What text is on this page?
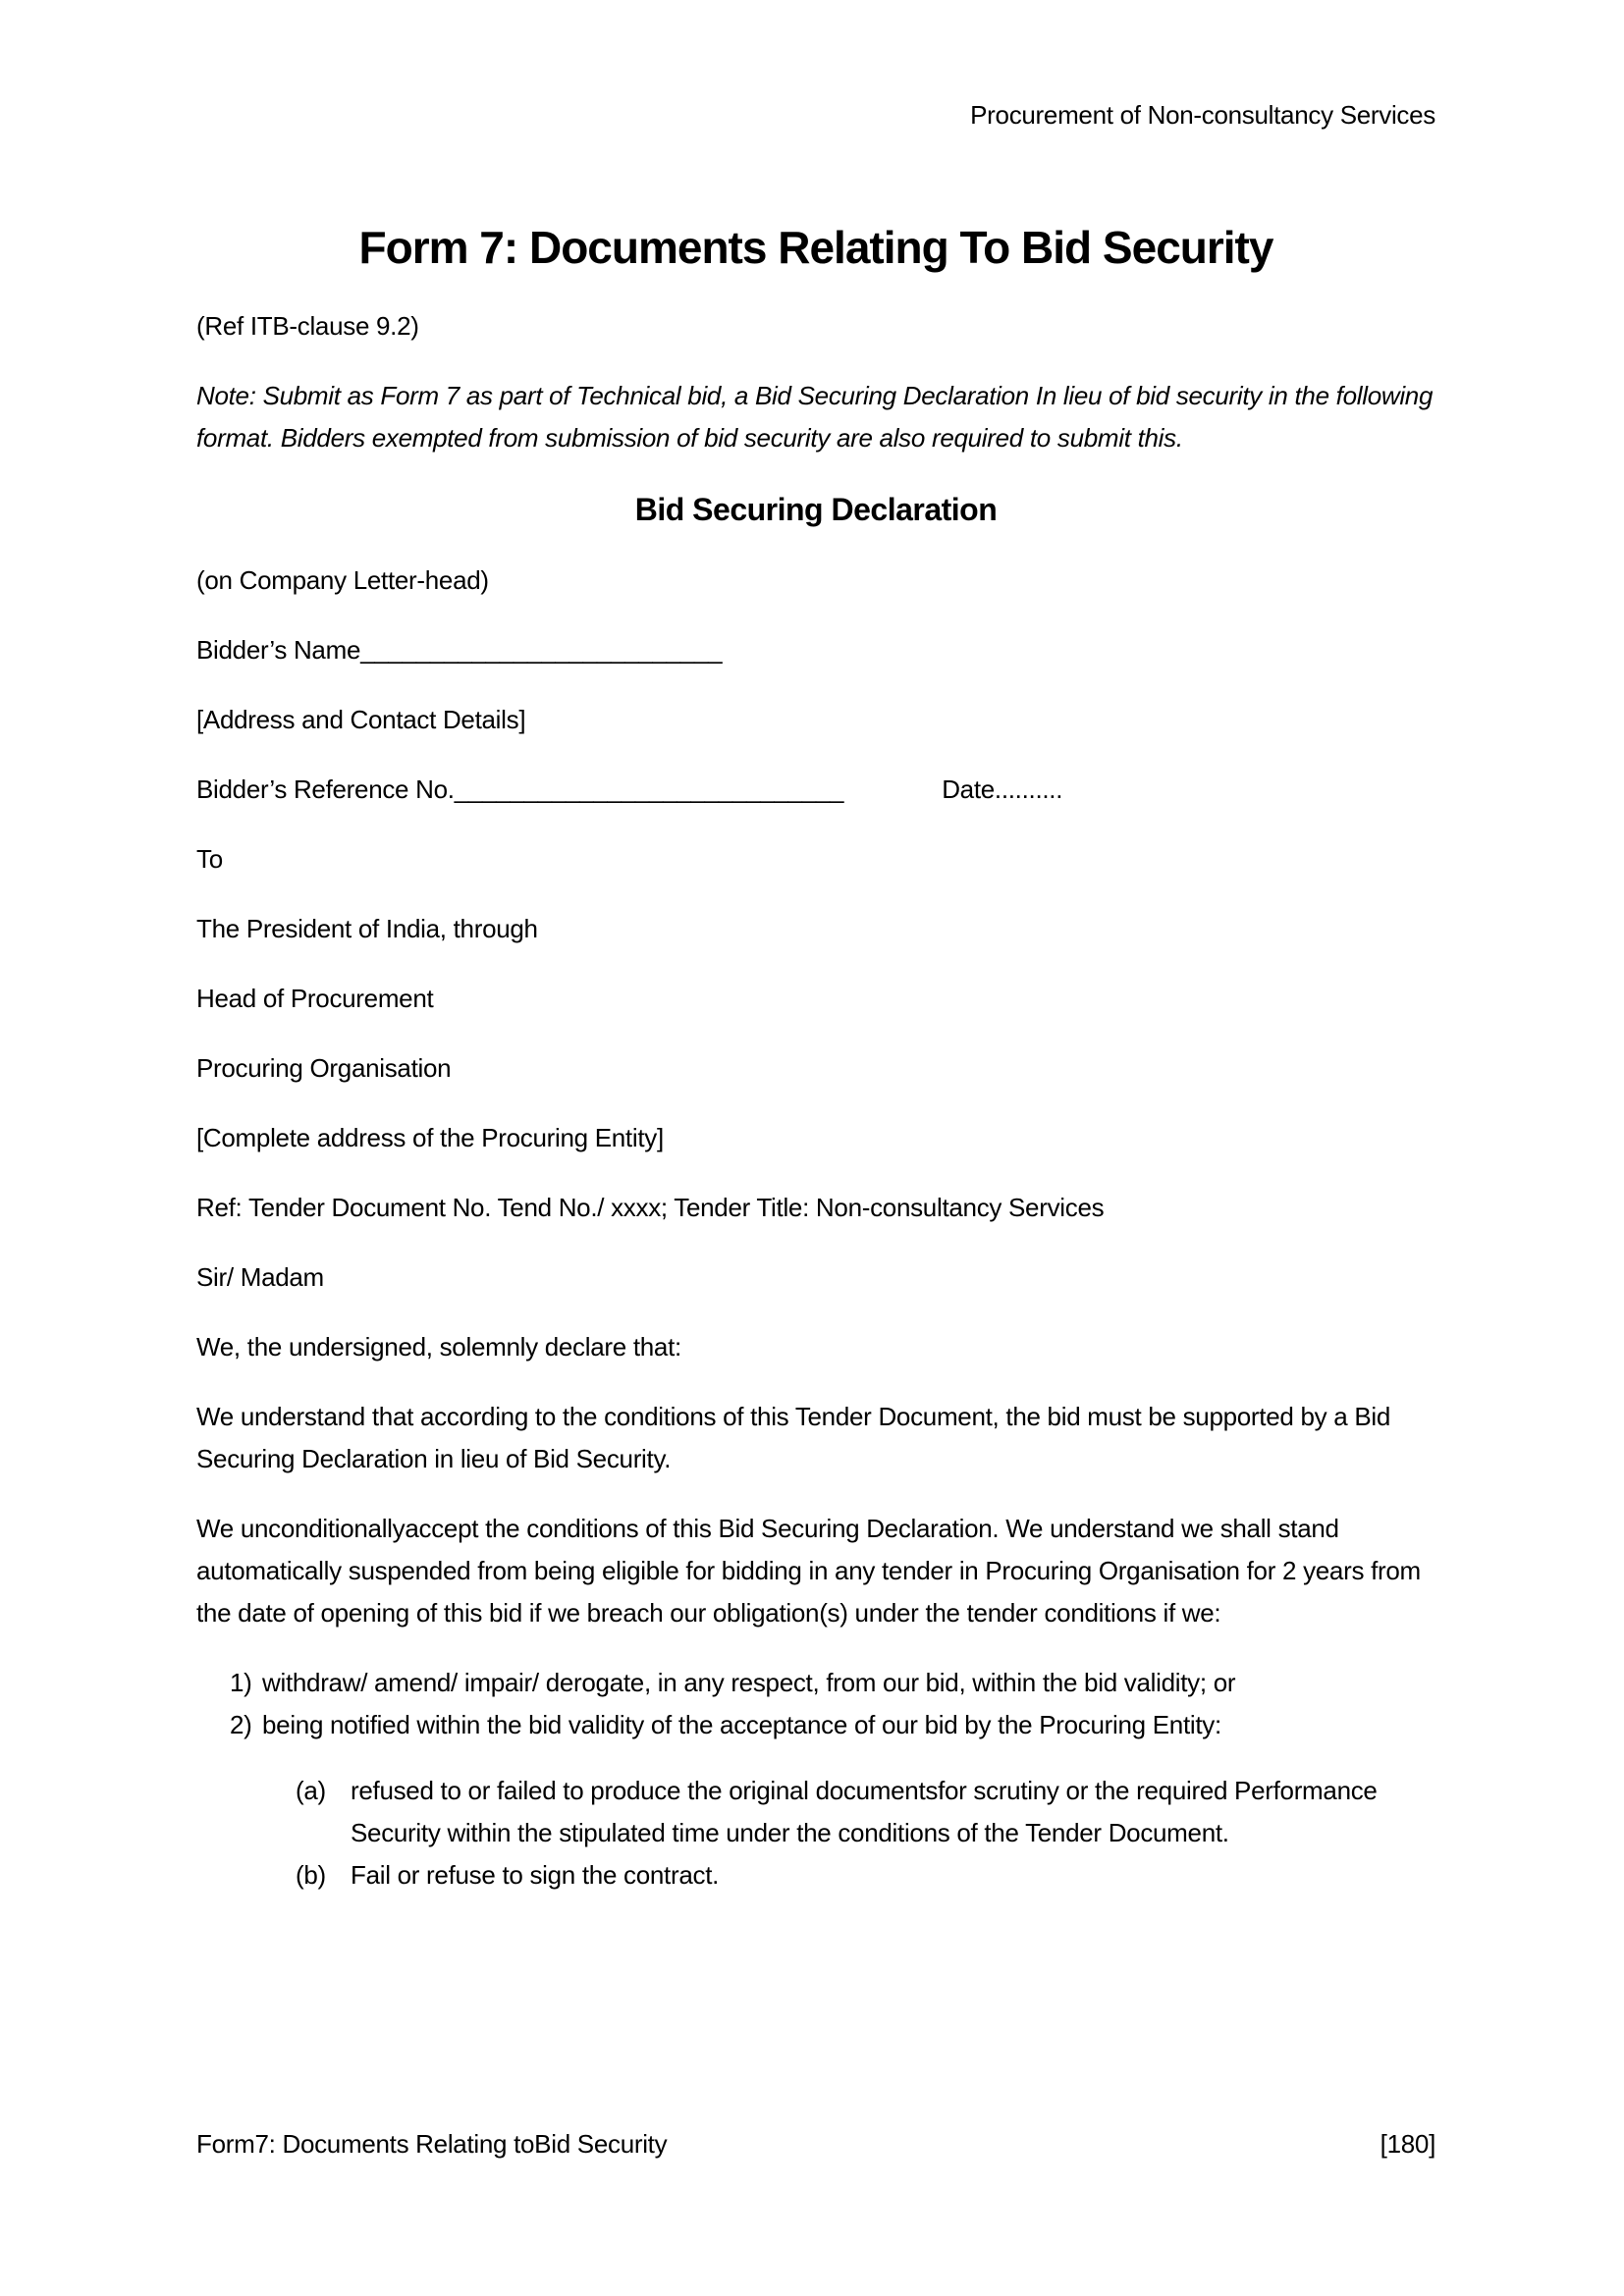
Procurement of Non-consultancy Services
Form 7: Documents Relating To Bid Security

(Ref ITB-clause 9.2)

Note: Submit as Form 7 as part of Technical bid, a Bid Securing Declaration In lieu of bid security in the following format. Bidders exempted from submission of bid security are also required to submit this.

Bid Securing Declaration

(on Company Letter-head)

Bidder’s Name__________________________

[Address and Contact Details]

Bidder’s Reference No.____________________________	Date..........

To

The President of India, through

Head of Procurement

Procuring Organisation

[Complete address of the Procuring Entity]

Ref: Tender Document No. Tend No./ xxxx; Tender Title: Non-consultancy Services

Sir/ Madam

We, the undersigned, solemnly declare that:

We understand that according to the conditions of this Tender Document, the bid must be supported by a Bid Securing Declaration in lieu of Bid Security.

We unconditionallyaccept the conditions of this Bid Securing Declaration. We understand we shall stand automatically suspended from being eligible for bidding in any tender in Procuring Organisation for 2 years from the date of opening of this bid if we breach our obligation(s) under the tender conditions if we:

1) withdraw/ amend/ impair/ derogate, in any respect, from our bid, within the bid validity; or
2) being notified within the bid validity of the acceptance of our bid by the Procuring Entity:
(a) refused to or failed to produce the original documentsfor scrutiny or the required Performance Security within the stipulated time under the conditions of the Tender Document.
(b) Fail or refuse to sign the contract.
Form7: Documents Relating toBid Security	[180]
